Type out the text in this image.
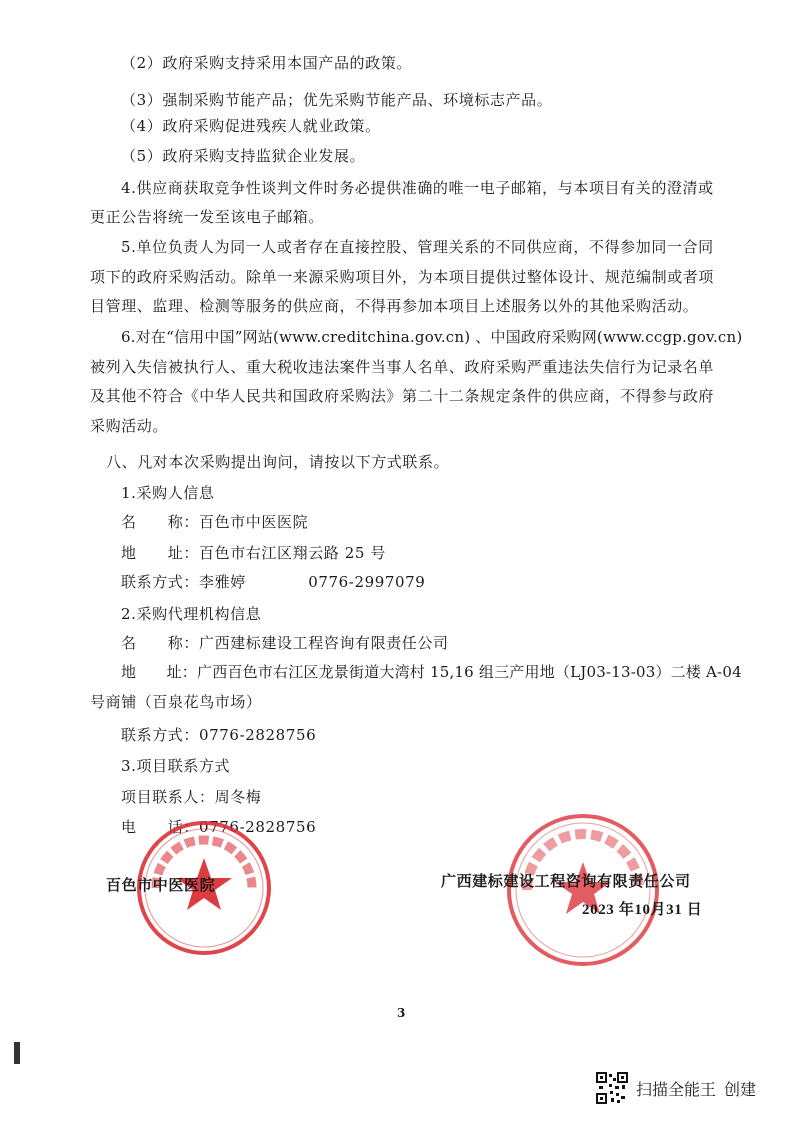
（2）政府采购支持采用本国产品的政策。
（3）强制采购节能产品；优先采购节能产品、环境标志产品。
（4）政府采购促进残疾人就业政策。
（5）政府采购支持监狱企业发展。
4.供应商获取竞争性谈判文件时务必提供准确的唯一电子邮箱，与本项目有关的澄清或
更正公告将统一发至该电子邮箱。
5.单位负责人为同一人或者存在直接控股、管理关系的不同供应商，不得参加同一合同
项下的政府采购活动。除单一来源采购项目外，为本项目提供过整体设计、规范编制或者项
目管理、监理、检测等服务的供应商，不得再参加本项目上述服务以外的其他采购活动。
6.对在“信用中国”网站(www.creditchina.gov.cn) 、中国政府采购网(www.ccgp.gov.cn)
被列入失信被执行人、重大税收违法案件当事人名单、政府采购严重违法失信行为记录名单
及其他不符合《中华人民共和国政府采购法》第二十二条规定条件的供应商，不得参与政府
采购活动。
八、凡对本次采购提出询问，请按以下方式联系。
1.采购人信息
名　　称：百色市中医医院
地　　址：百色市右江区翔云路 25 号
联系方式：李雅婷　　　　0776-2997079
2.采购代理机构信息
名　　称：广西建标建设工程咨询有限责任公司
地　　址：广西百色市右江区龙景街道大湾村 15,16 组三产用地（LJ03-13-03）二楼 A-04
号商铺（百泉花鸟市场）
联系方式：0776-2828756
3.项目联系方式
项目联系人：周冬梅
电　　话：0776-2828756
百色市中医医院	广西建标建设工程咨询有限责任公司
2023 年10月31 日
3
扫描全能王 创建
